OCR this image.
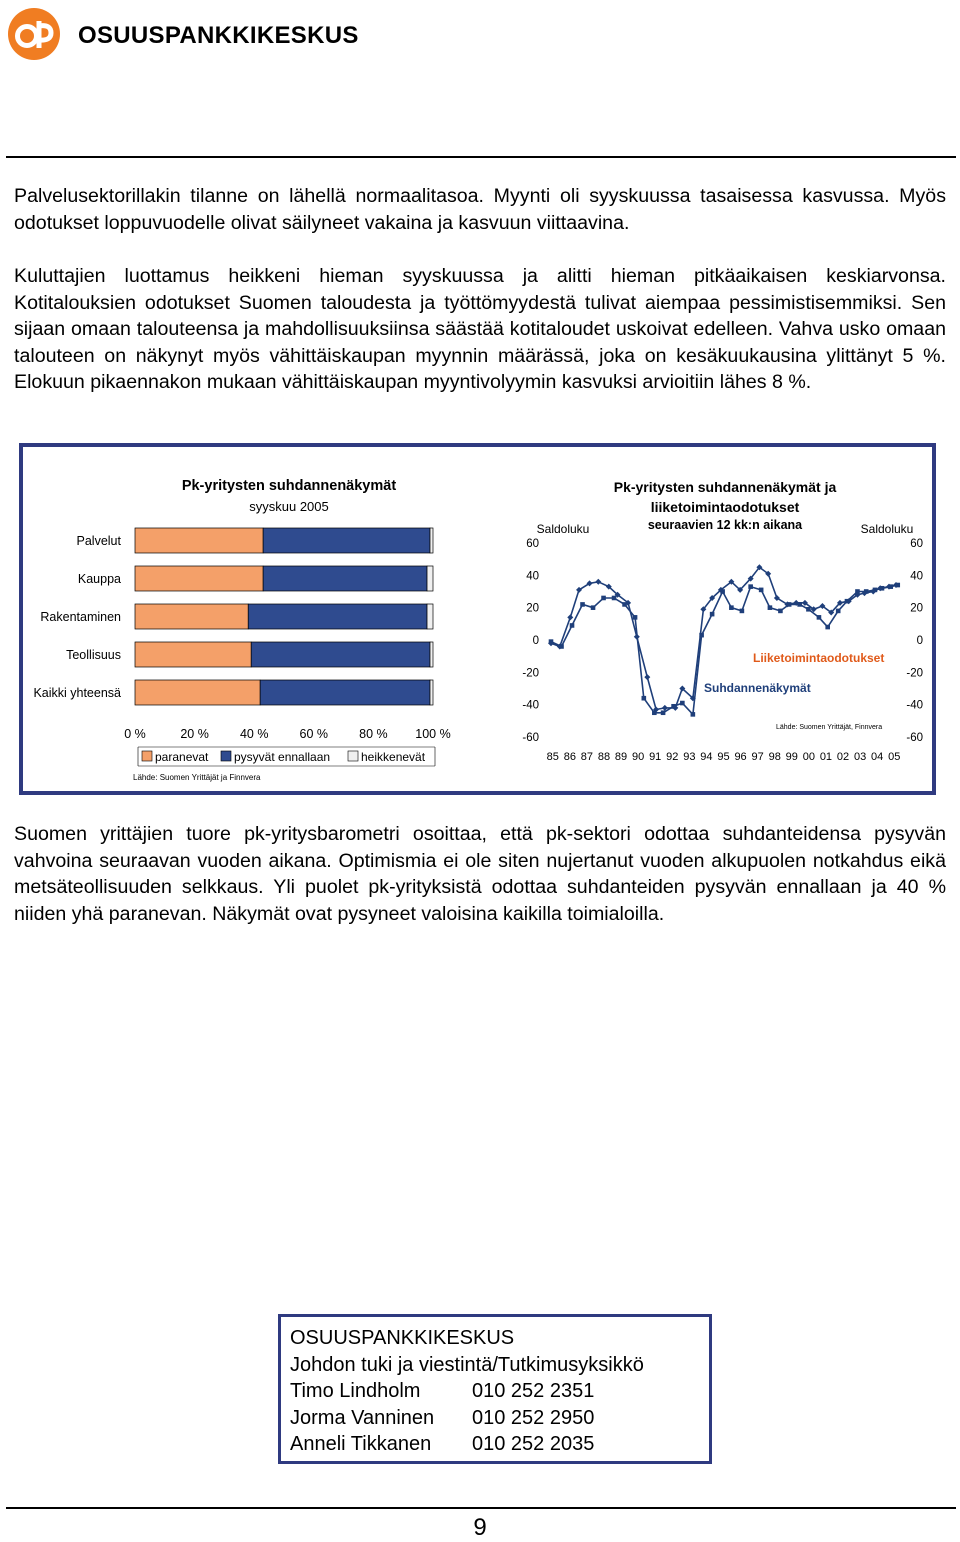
OSUUSPANKKIKESKUS
Palvelusektorillakin tilanne on lähellä normaalitasoa. Myynti oli syyskuussa tasaisessa kasvussa. Myös odotukset loppuvuodelle olivat säilyneet vakaina ja kasvuun viittaavina.
Kuluttajien luottamus heikkeni hieman syyskuussa ja alitti hieman pitkäaikaisen keskiarvonsa. Kotitalouksien odotukset Suomen taloudesta ja työttömyydestä tulivat aiempaa pessimistisemmiksi. Sen sijaan omaan talouteensa ja mahdollisuuksiinsa säästää kotitaloudet uskoivat edelleen. Vahva usko omaan talouteen on näkynyt myös vähittäiskaupan myynnin määrässä, joka on kesäkuukausina ylittänyt 5 %. Elokuun pikaennakon mukaan vähittäiskaupan myyntivolyymin kasvuksi arvioitiin lähes 8 %.
Pk-yritysten suhdannenäkymät
syyskuu 2005
Palvelut
Kauppa
Rakentaminen
Teollisuus
Kaikki yhteensä
0 %	20 % 40 % 60 % 80 % 100 %
paranevat pysyvät ennallaan	heikkenevät
Lähde: Suomen Yrittäjät ja Finnvera
Pk-yritysten suhdannenäkymät ja
liiketoimintaodotukset
seuraavien 12 kk:n aikana
Saldoluku	Saldoluku
60	60
40	40
20	20
0	0
-20	-20
-40	-40
-60	-60
85 86 87 88 89 90 91 92 93 94 95 96 97 98 99 00 01 02 03 04 05
Liiketoimintaodotukset
Suhdannenäkymät
Lähde: Suomen Yrittäjät, Finnvera
Suomen yrittäjien tuore pk-yritysbarometri osoittaa, että pk-sektori odottaa suhdanteidensa pysyvän vahvoina seuraavan vuoden aikana. Optimismia ei ole siten nujertanut vuoden alkupuolen notkahdus eikä metsäteollisuuden selkkaus. Yli puolet pk-yrityksistä odottaa suhdanteiden pysyvän ennallaan ja 40 % niiden yhä paranevan. Näkymät ovat pysyneet valoisina kaikilla toimialoilla.
OSUUSPANKKIKESKUS
Johdon tuki ja viestintä/Tutkimusyksikkö
Timo Lindholm	010 252 2351
Jorma Vanninen 010 252 2950
Anneli Tikkanen 010 252 2035
9
